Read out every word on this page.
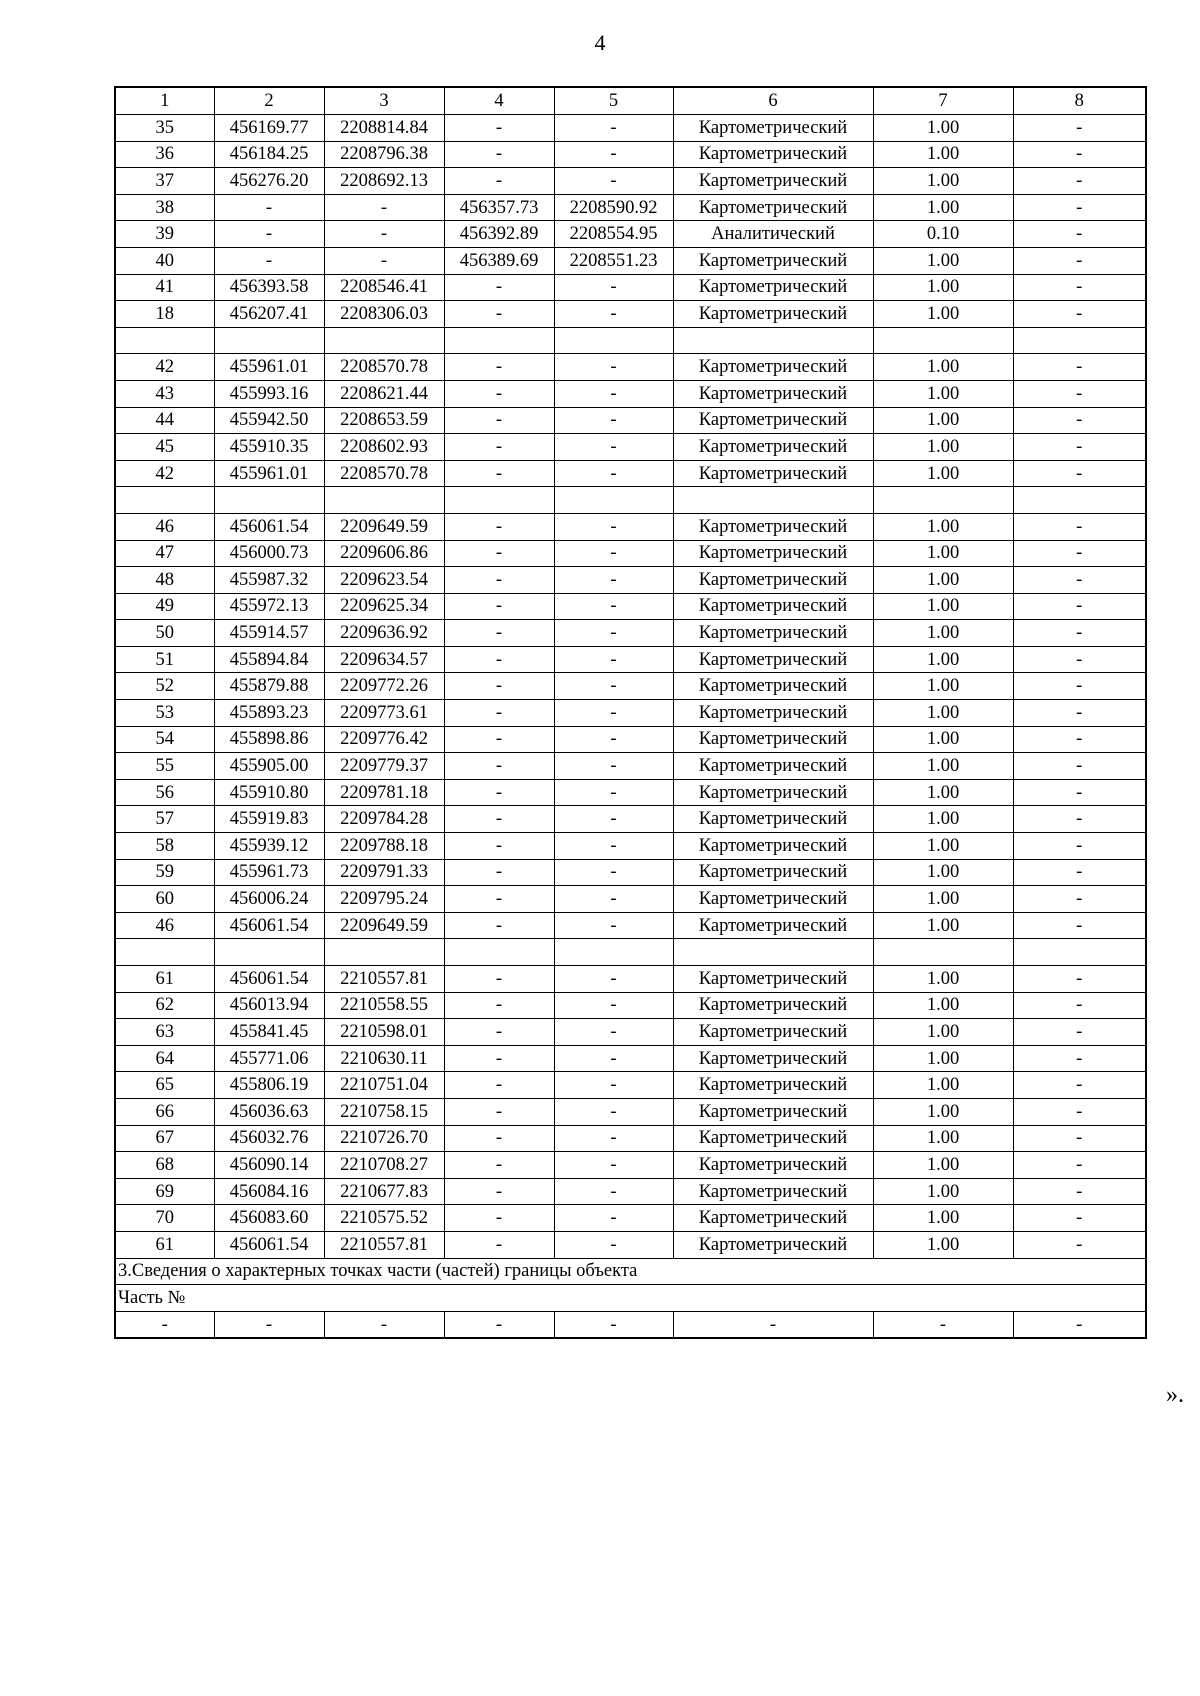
4
1	2	3	4	5	6	7	8
35	456169.77	2208814.84	-	-	Картометрический	1.00	-
36	456184.25	2208796.38	-	-	Картометрический	1.00	-
37	456276.20	2208692.13	-	-	Картометрический	1.00	-
38	-	-	456357.73	2208590.92	Картометрический	1.00	-
39	-	-	456392.89	2208554.95	Аналитический	0.10	-
40	-	-	456389.69	2208551.23	Картометрический	1.00	-
41	456393.58	2208546.41	-	-	Картометрический	1.00	-
18	456207.41	2208306.03	-	-	Картометрический	1.00	-

42	455961.01	2208570.78	-	-	Картометрический	1.00	-
43	455993.16	2208621.44	-	-	Картометрический	1.00	-
44	455942.50	2208653.59	-	-	Картометрический	1.00	-
45	455910.35	2208602.93	-	-	Картометрический	1.00	-
42	455961.01	2208570.78	-	-	Картометрический	1.00	-

46	456061.54	2209649.59	-	-	Картометрический	1.00	-
47	456000.73	2209606.86	-	-	Картометрический	1.00	-
48	455987.32	2209623.54	-	-	Картометрический	1.00	-
49	455972.13	2209625.34	-	-	Картометрический	1.00	-
50	455914.57	2209636.92	-	-	Картометрический	1.00	-
51	455894.84	2209634.57	-	-	Картометрический	1.00	-
52	455879.88	2209772.26	-	-	Картометрический	1.00	-
53	455893.23	2209773.61	-	-	Картометрический	1.00	-
54	455898.86	2209776.42	-	-	Картометрический	1.00	-
55	455905.00	2209779.37	-	-	Картометрический	1.00	-
56	455910.80	2209781.18	-	-	Картометрический	1.00	-
57	455919.83	2209784.28	-	-	Картометрический	1.00	-
58	455939.12	2209788.18	-	-	Картометрический	1.00	-
59	455961.73	2209791.33	-	-	Картометрический	1.00	-
60	456006.24	2209795.24	-	-	Картометрический	1.00	-
46	456061.54	2209649.59	-	-	Картометрический	1.00	-

61	456061.54	2210557.81	-	-	Картометрический	1.00	-
62	456013.94	2210558.55	-	-	Картометрический	1.00	-
63	455841.45	2210598.01	-	-	Картометрический	1.00	-
64	455771.06	2210630.11	-	-	Картометрический	1.00	-
65	455806.19	2210751.04	-	-	Картометрический	1.00	-
66	456036.63	2210758.15	-	-	Картометрический	1.00	-
67	456032.76	2210726.70	-	-	Картометрический	1.00	-
68	456090.14	2210708.27	-	-	Картометрический	1.00	-
69	456084.16	2210677.83	-	-	Картометрический	1.00	-
70	456083.60	2210575.52	-	-	Картометрический	1.00	-
61	456061.54	2210557.81	-	-	Картометрический	1.00	-
3.Сведения о характерных точках части (частей) границы объекта							
Часть №							
-	-	-	-	-	-	-	-
».
